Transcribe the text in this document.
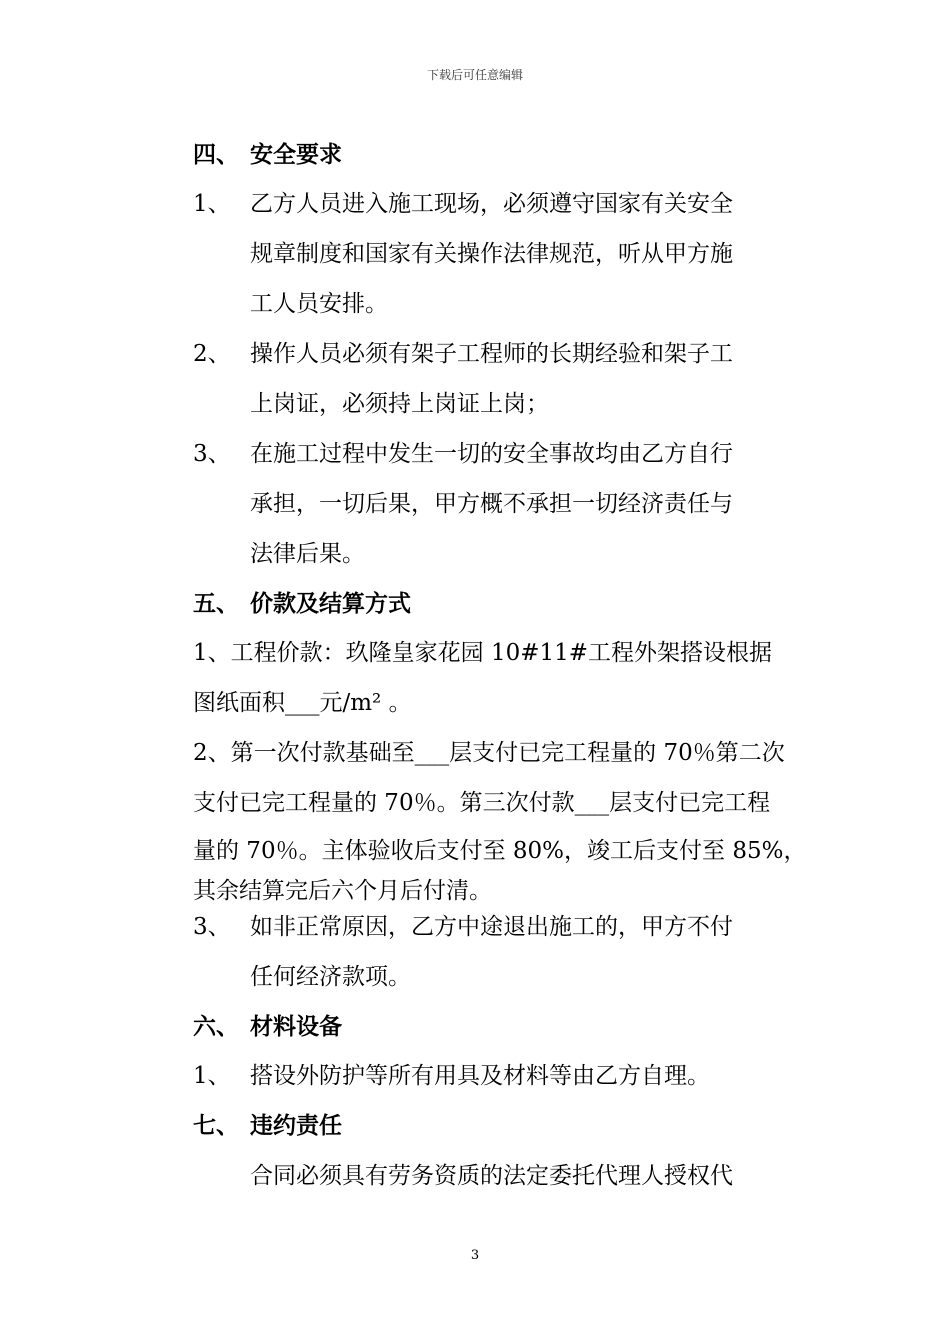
下载后可任意编辑
四、 安全要求
1、 乙方人员进入施工现场，必须遵守国家有关安全
规章制度和国家有关操作法律规范，听从甲方施
工人员安排。
2、 操作人员必须有架子工程师的长期经验和架子工
上岗证，必须持上岗证上岗；
3、 在施工过程中发生一切的安全事故均由乙方自行
承担，一切后果，甲方概不承担一切经济责任与
法律后果。
五、 价款及结算方式
1、工程价款：玖隆皇家花园 10#11#工程外架搭设根据
图纸面积___元/m² 。
2、第一次付款基础至___层支付已完工程量的 70％第二次
支付已完工程量的 70％。第三次付款___层支付已完工程
量的 70％。主体验收后支付至 80%，竣工后支付至 85%，
其余结算完后六个月后付清。
3、 如非正常原因，乙方中途退出施工的，甲方不付
任何经济款项。
六、 材料设备
1、 搭设外防护等所有用具及材料等由乙方自理。
七、 违约责任
合同必须具有劳务资质的法定委托代理人授权代
3
